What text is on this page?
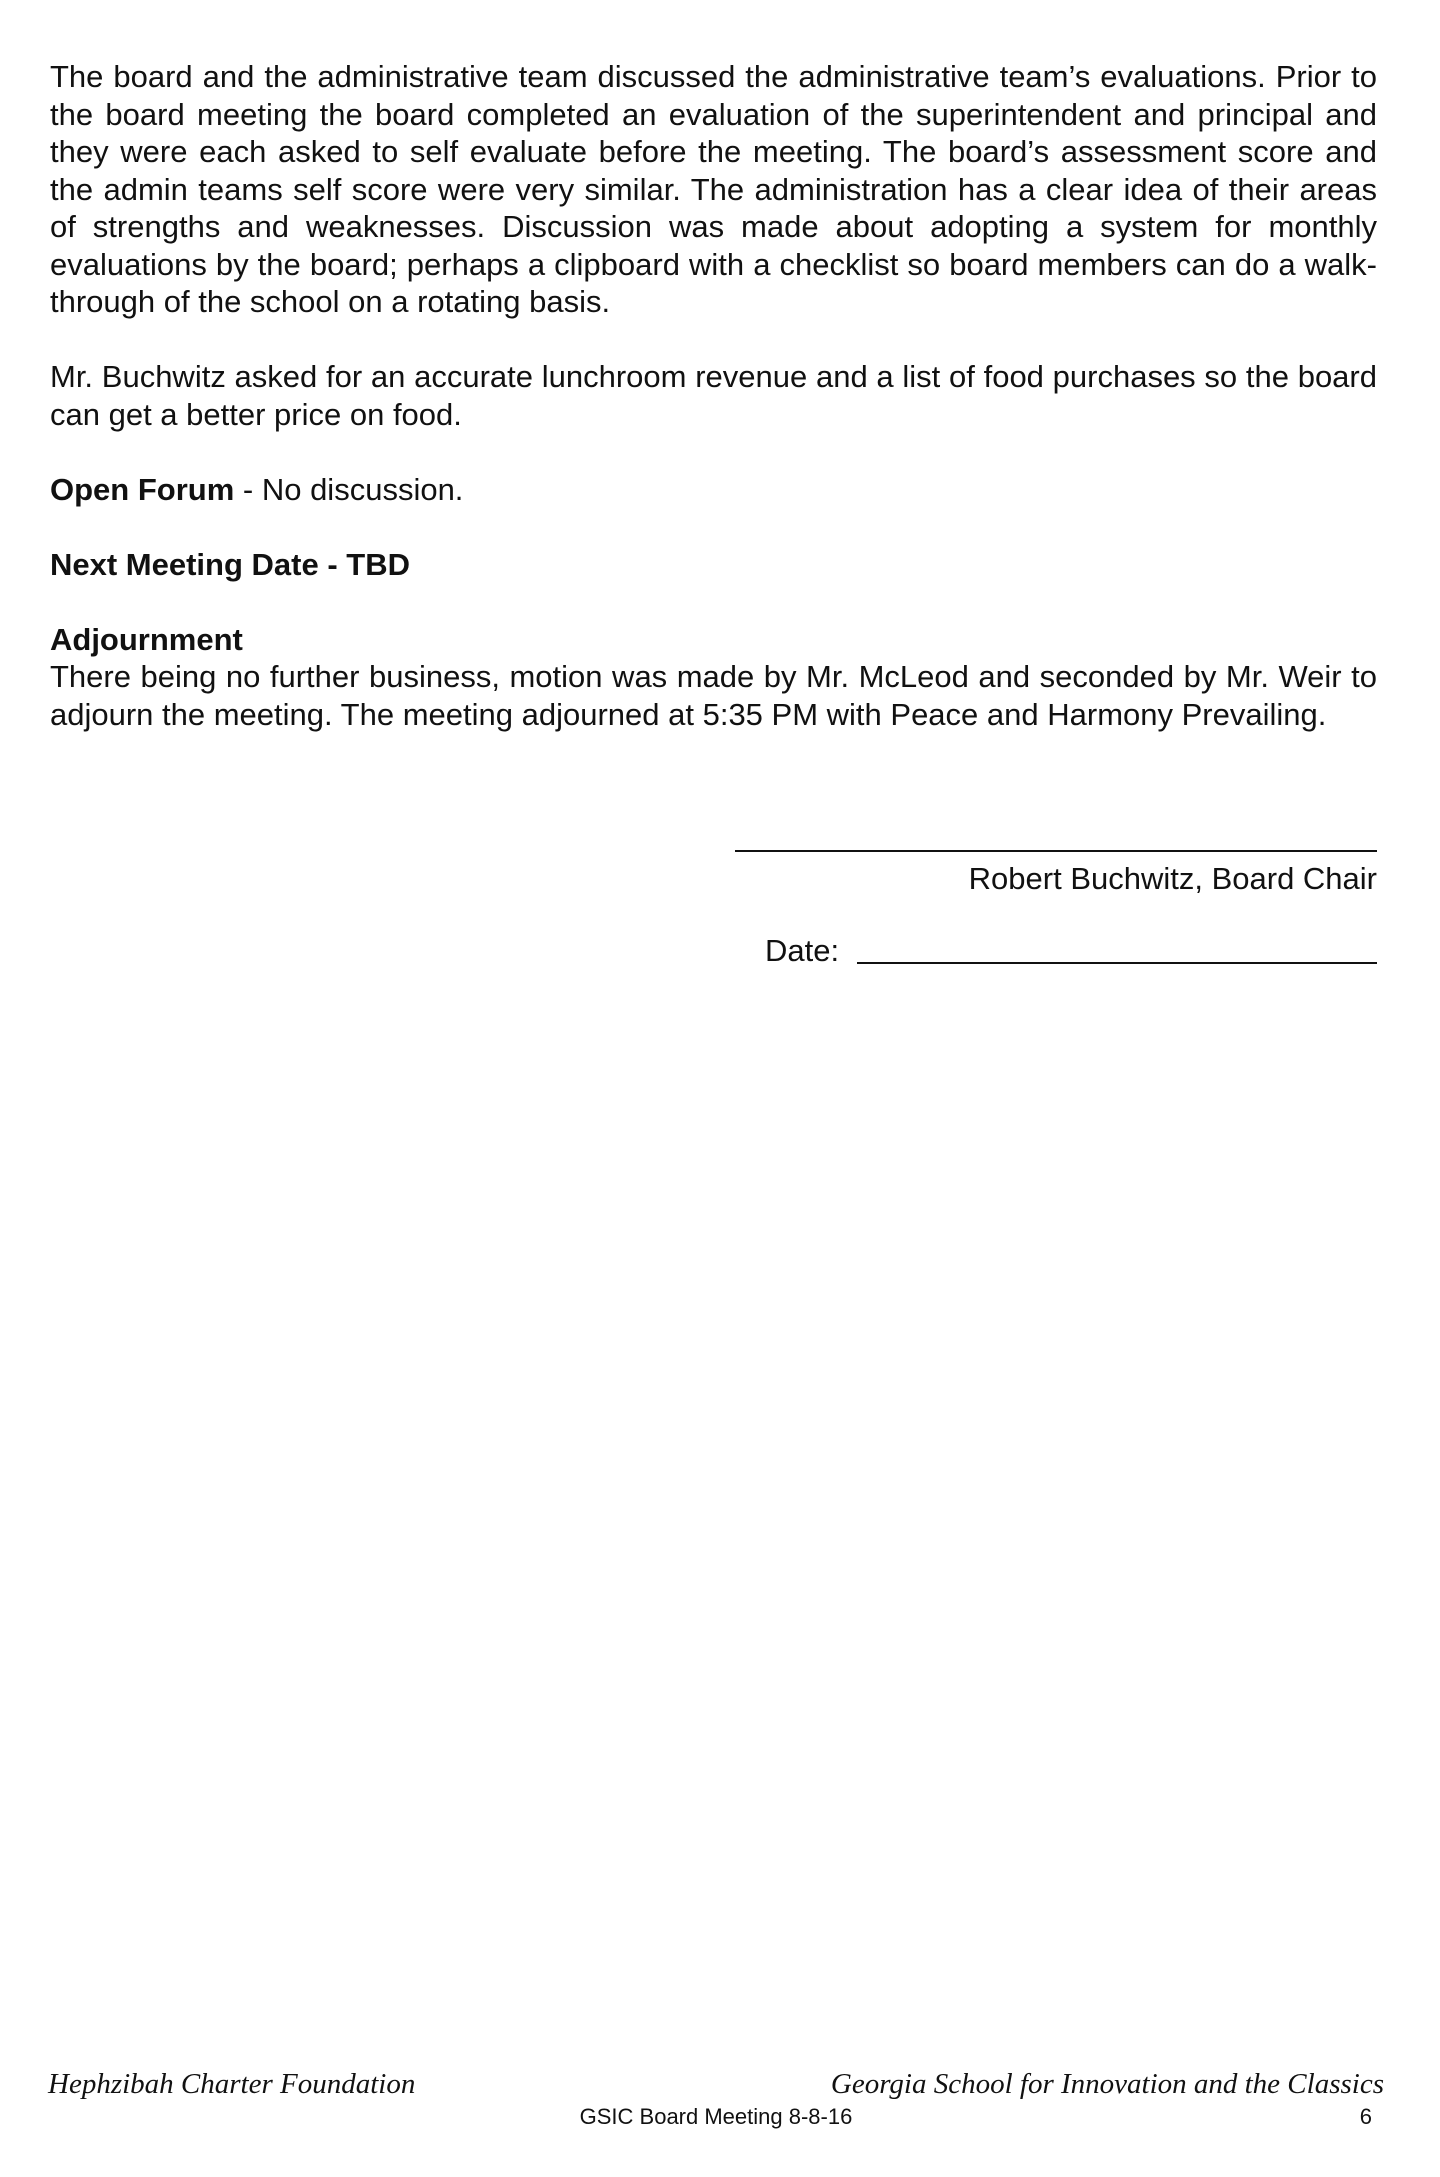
The board and the administrative team discussed the administrative team’s evaluations. Prior to the board meeting the board completed an evaluation of the superintendent and principal and they were each asked to self evaluate before the meeting. The board’s assessment score and the admin teams self score were very similar. The administration has a clear idea of their areas of strengths and weaknesses. Discussion was made about adopting a system for monthly evaluations by the board; perhaps a clipboard with a checklist so board members can do a walk-through of the school on a rotating basis.

Mr. Buchwitz asked for an accurate lunchroom revenue and a list of food purchases so the board can get a better price on food.

Open Forum - No discussion.

Next Meeting Date - TBD

Adjournment

There being no further business, motion was made by Mr. McLeod and seconded by Mr. Weir to adjourn the meeting. The meeting adjourned at 5:35 PM with Peace and Harmony Prevailing.

Robert Buchwitz, Board Chair
Date:
Hephzibah Charter Foundation	Georgia School for Innovation and the Classics
GSIC Board Meeting 8-8-16	6
